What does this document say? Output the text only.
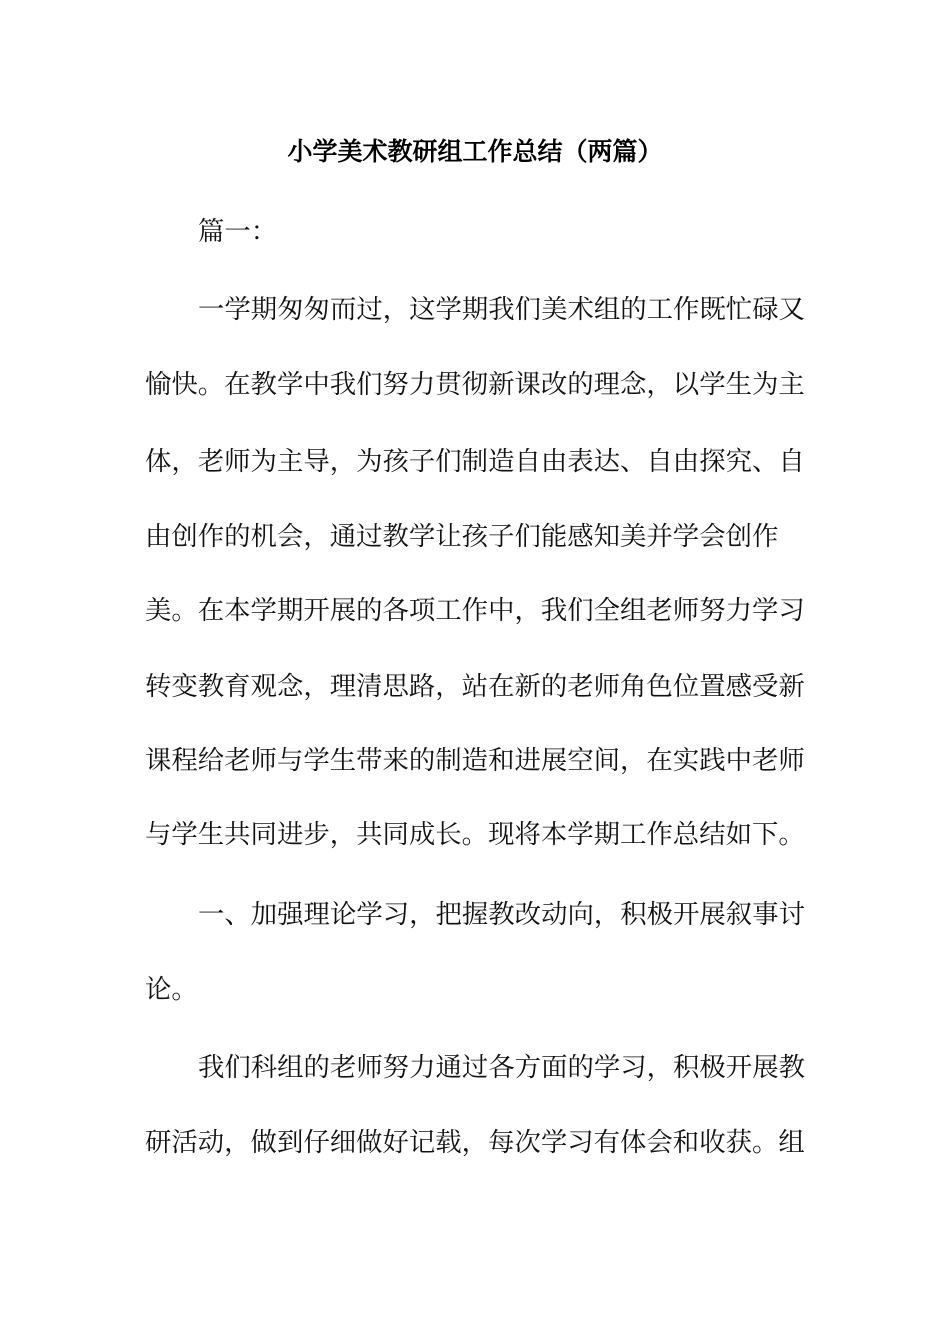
小学美术教研组工作总结（两篇）
篇一：
一学期匆匆而过，这学期我们美术组的工作既忙碌又
愉快。在教学中我们努力贯彻新课改的理念，以学生为主
体，老师为主导，为孩子们制造自由表达、自由探究、自
由创作的机会，通过教学让孩子们能感知美并学会创作
美。在本学期开展的各项工作中，我们全组老师努力学习
转变教育观念，理清思路，站在新的老师角色位置感受新
课程给老师与学生带来的制造和进展空间，在实践中老师
与学生共同进步，共同成长。现将本学期工作总结如下。
一、加强理论学习，把握教改动向，积极开展叙事讨
论。
我们科组的老师努力通过各方面的学习，积极开展教
研活动，做到仔细做好记载，每次学习有体会和收获。组
